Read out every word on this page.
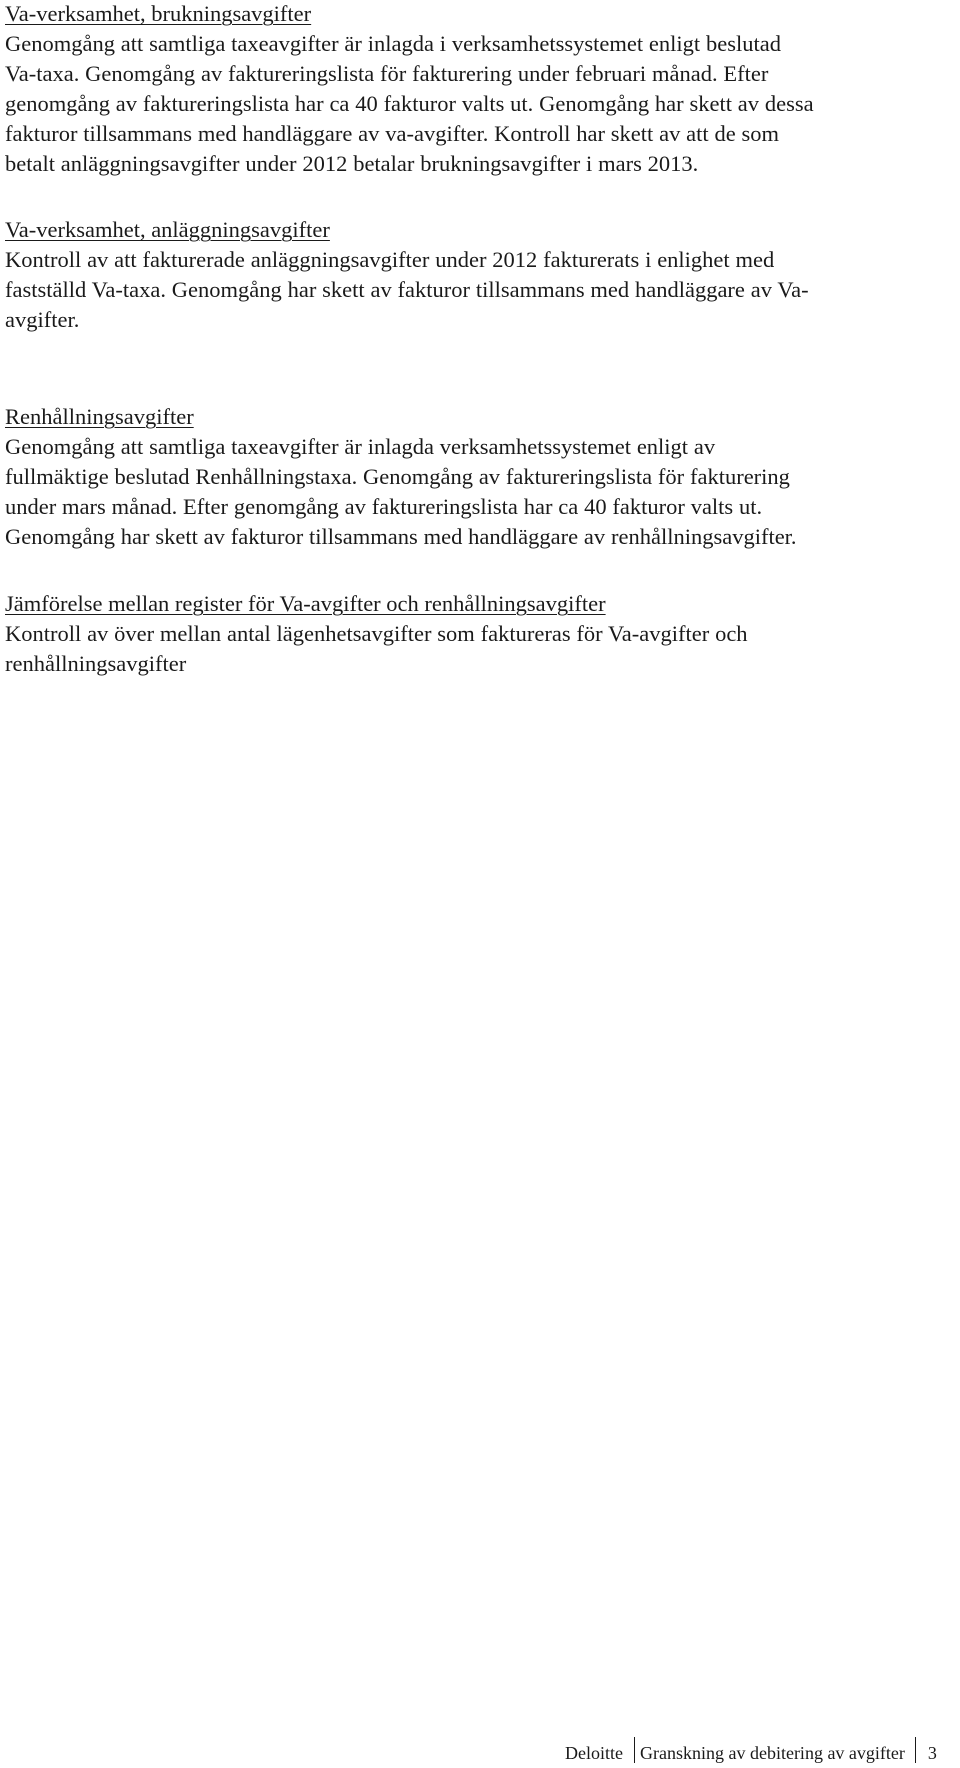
Va-verksamhet, brukningsavgifter
Genomgång att samtliga taxeavgifter är inlagda i verksamhetssystemet enligt beslutad
Va-taxa. Genomgång av faktureringslista för fakturering under februari månad. Efter
genomgång av faktureringslista har ca 40 fakturor valts ut. Genomgång har skett av dessa
fakturor tillsammans med handläggare av va-avgifter. Kontroll har skett av att de som
betalt anläggningsavgifter under 2012 betalar brukningsavgifter i mars 2013.
Va-verksamhet, anläggningsavgifter
Kontroll av att fakturerade anläggningsavgifter under 2012 fakturerats i enlighet med
fastställd Va-taxa. Genomgång har skett av fakturor tillsammans med handläggare av Va-
avgifter.
Renhållningsavgifter
Genomgång att samtliga taxeavgifter är inlagda verksamhetssystemet enligt av
fullmäktige beslutad Renhållningstaxa. Genomgång av faktureringslista för fakturering
under mars månad. Efter genomgång av faktureringslista har ca 40 fakturor valts ut.
Genomgång har skett av fakturor tillsammans med handläggare av renhållningsavgifter.
Jämförelse mellan register för Va-avgifter och renhållningsavgifter
Kontroll av över mellan antal lägenhetsavgifter som faktureras för Va-avgifter och
renhållningsavgifter
Deloitte Granskning av debitering av avgifter 3
